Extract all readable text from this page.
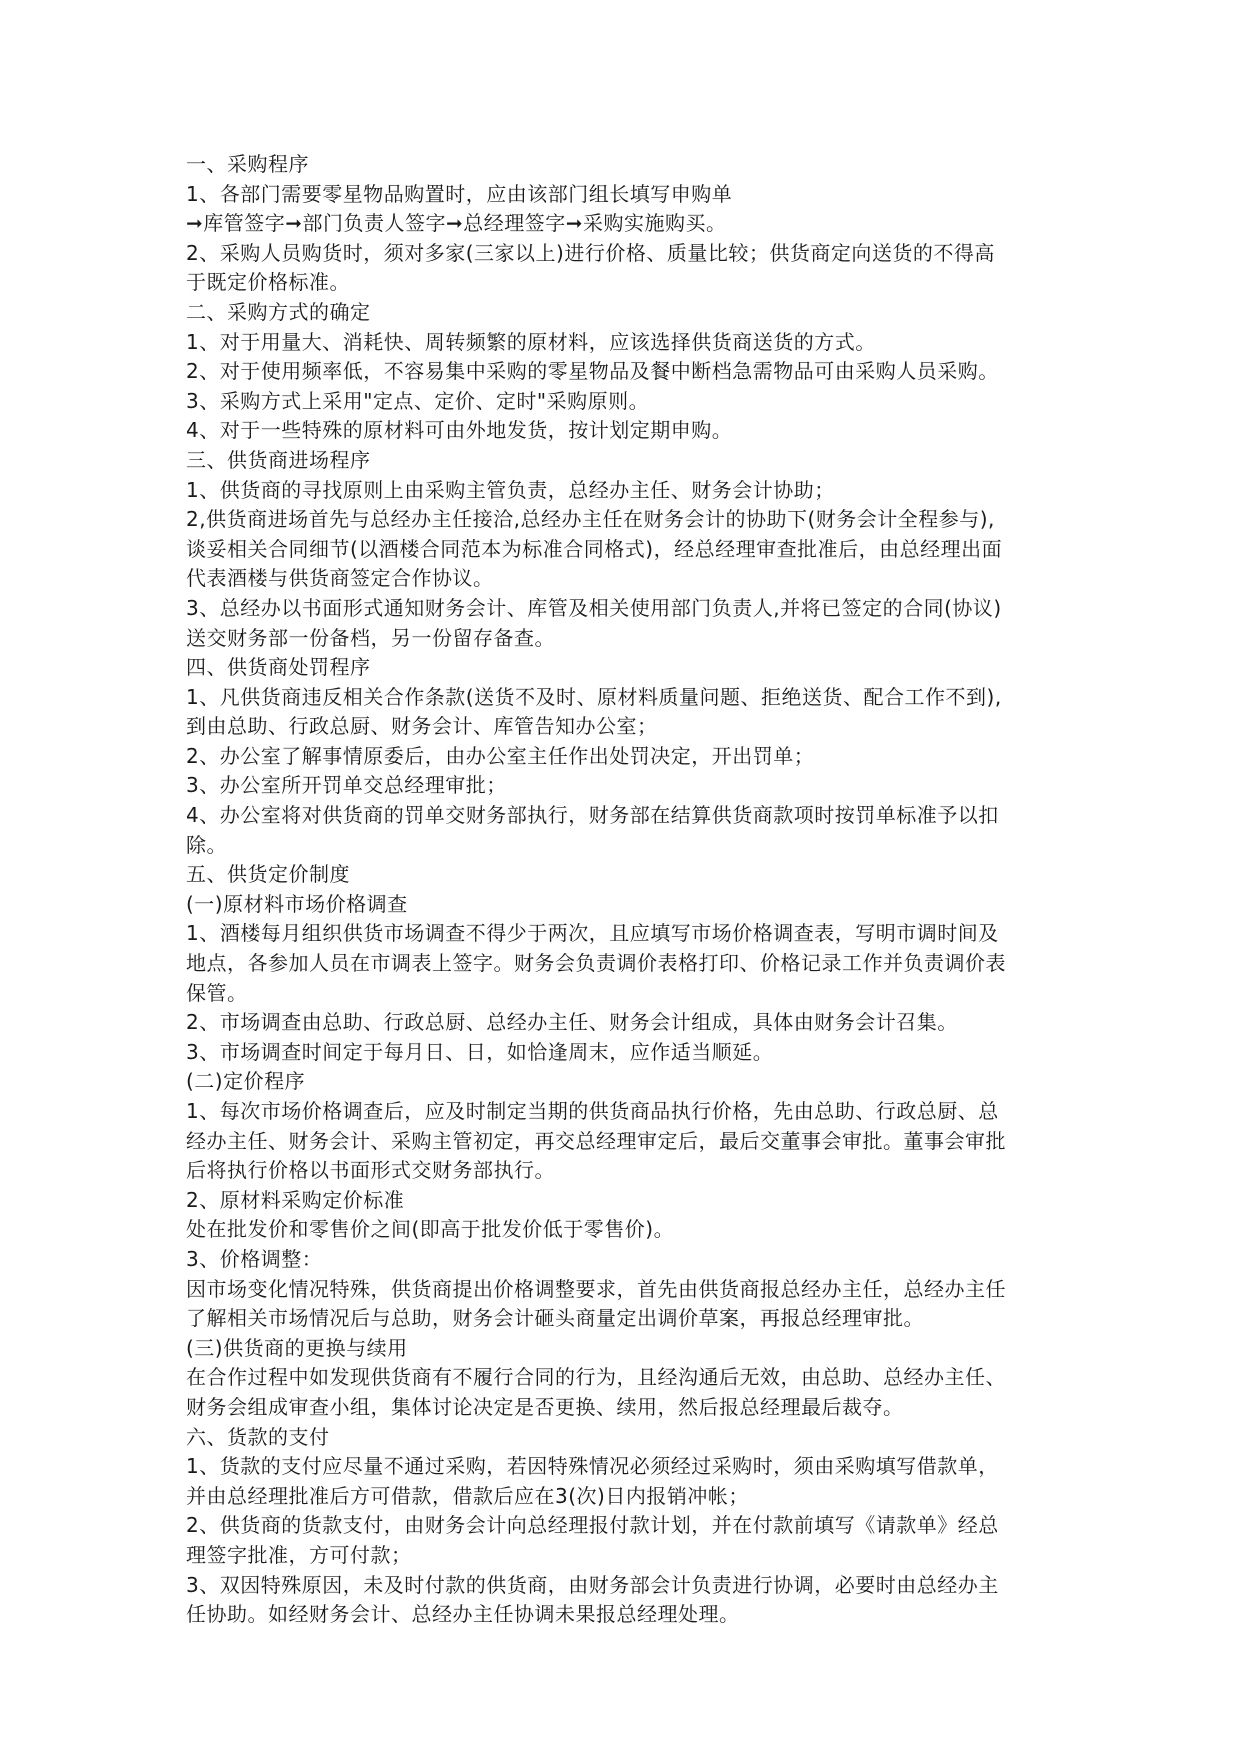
一、采购程序

1、各部门需要零星物品购置时，应由该部门组长填写申购单

➞库管签字➞部门负责人签字➞总经理签字➞采购实施购买。

2、采购人员购货时，须对多家(三家以上)进行价格、质量比较；供货商定向送货的不得高

于既定价格标准。

二、采购方式的确定

1、对于用量大、消耗快、周转频繁的原材料，应该选择供货商送货的方式。

2、对于使用频率低，不容易集中采购的零星物品及餐中断档急需物品可由采购人员采购。

3、采购方式上采用"定点、定价、定时"采购原则。

4、对于一些特殊的原材料可由外地发货，按计划定期申购。

三、供货商进场程序

1、供货商的寻找原则上由采购主管负责，总经办主任、财务会计协助；

2,供货商进场首先与总经办主任接洽,总经办主任在财务会计的协助下(财务会计全程参与),

谈妥相关合同细节(以酒楼合同范本为标准合同格式)，经总经理审查批准后，由总经理出面

代表酒楼与供货商签定合作协议。

3、总经办以书面形式通知财务会计、库管及相关使用部门负责人,并将已签定的合同(协议)

送交财务部一份备档，另一份留存备查。

四、供货商处罚程序

1、凡供货商违反相关合作条款(送货不及时、原材料质量问题、拒绝送货、配合工作不到),

到由总助、行政总厨、财务会计、库管告知办公室；

2、办公室了解事情原委后，由办公室主任作出处罚决定，开出罚单；

3、办公室所开罚单交总经理审批；

4、办公室将对供货商的罚单交财务部执行，财务部在结算供货商款项时按罚单标准予以扣

除。

五、供货定价制度

(一)原材料市场价格调查

1、酒楼每月组织供货市场调查不得少于两次，且应填写市场价格调查表，写明市调时间及

地点，各参加人员在市调表上签字。财务会负责调价表格打印、价格记录工作并负责调价表

保管。

2、市场调查由总助、行政总厨、总经办主任、财务会计组成，具体由财务会计召集。

3、市场调查时间定于每月日、日，如恰逢周末，应作适当顺延。

(二)定价程序

1、每次市场价格调查后，应及时制定当期的供货商品执行价格，先由总助、行政总厨、总

经办主任、财务会计、采购主管初定，再交总经理审定后，最后交董事会审批。董事会审批

后将执行价格以书面形式交财务部执行。

2、原材料采购定价标准

处在批发价和零售价之间(即高于批发价低于零售价)。

3、价格调整：

因市场变化情况特殊，供货商提出价格调整要求，首先由供货商报总经办主任，总经办主任

了解相关市场情况后与总助，财务会计砸头商量定出调价草案，再报总经理审批。

(三)供货商的更换与续用

在合作过程中如发现供货商有不履行合同的行为，且经沟通后无效，由总助、总经办主任、

财务会组成审查小组，集体讨论决定是否更换、续用，然后报总经理最后裁夺。

六、货款的支付

1、货款的支付应尽量不通过采购，若因特殊情况必须经过采购时，须由采购填写借款单，

并由总经理批准后方可借款，借款后应在3(次)日内报销冲帐；

2、供货商的货款支付，由财务会计向总经理报付款计划，并在付款前填写《请款单》经总

理签字批准，方可付款；

3、双因特殊原因，未及时付款的供货商，由财务部会计负责进行协调，必要时由总经办主

任协助。如经财务会计、总经办主任协调未果报总经理处理。
